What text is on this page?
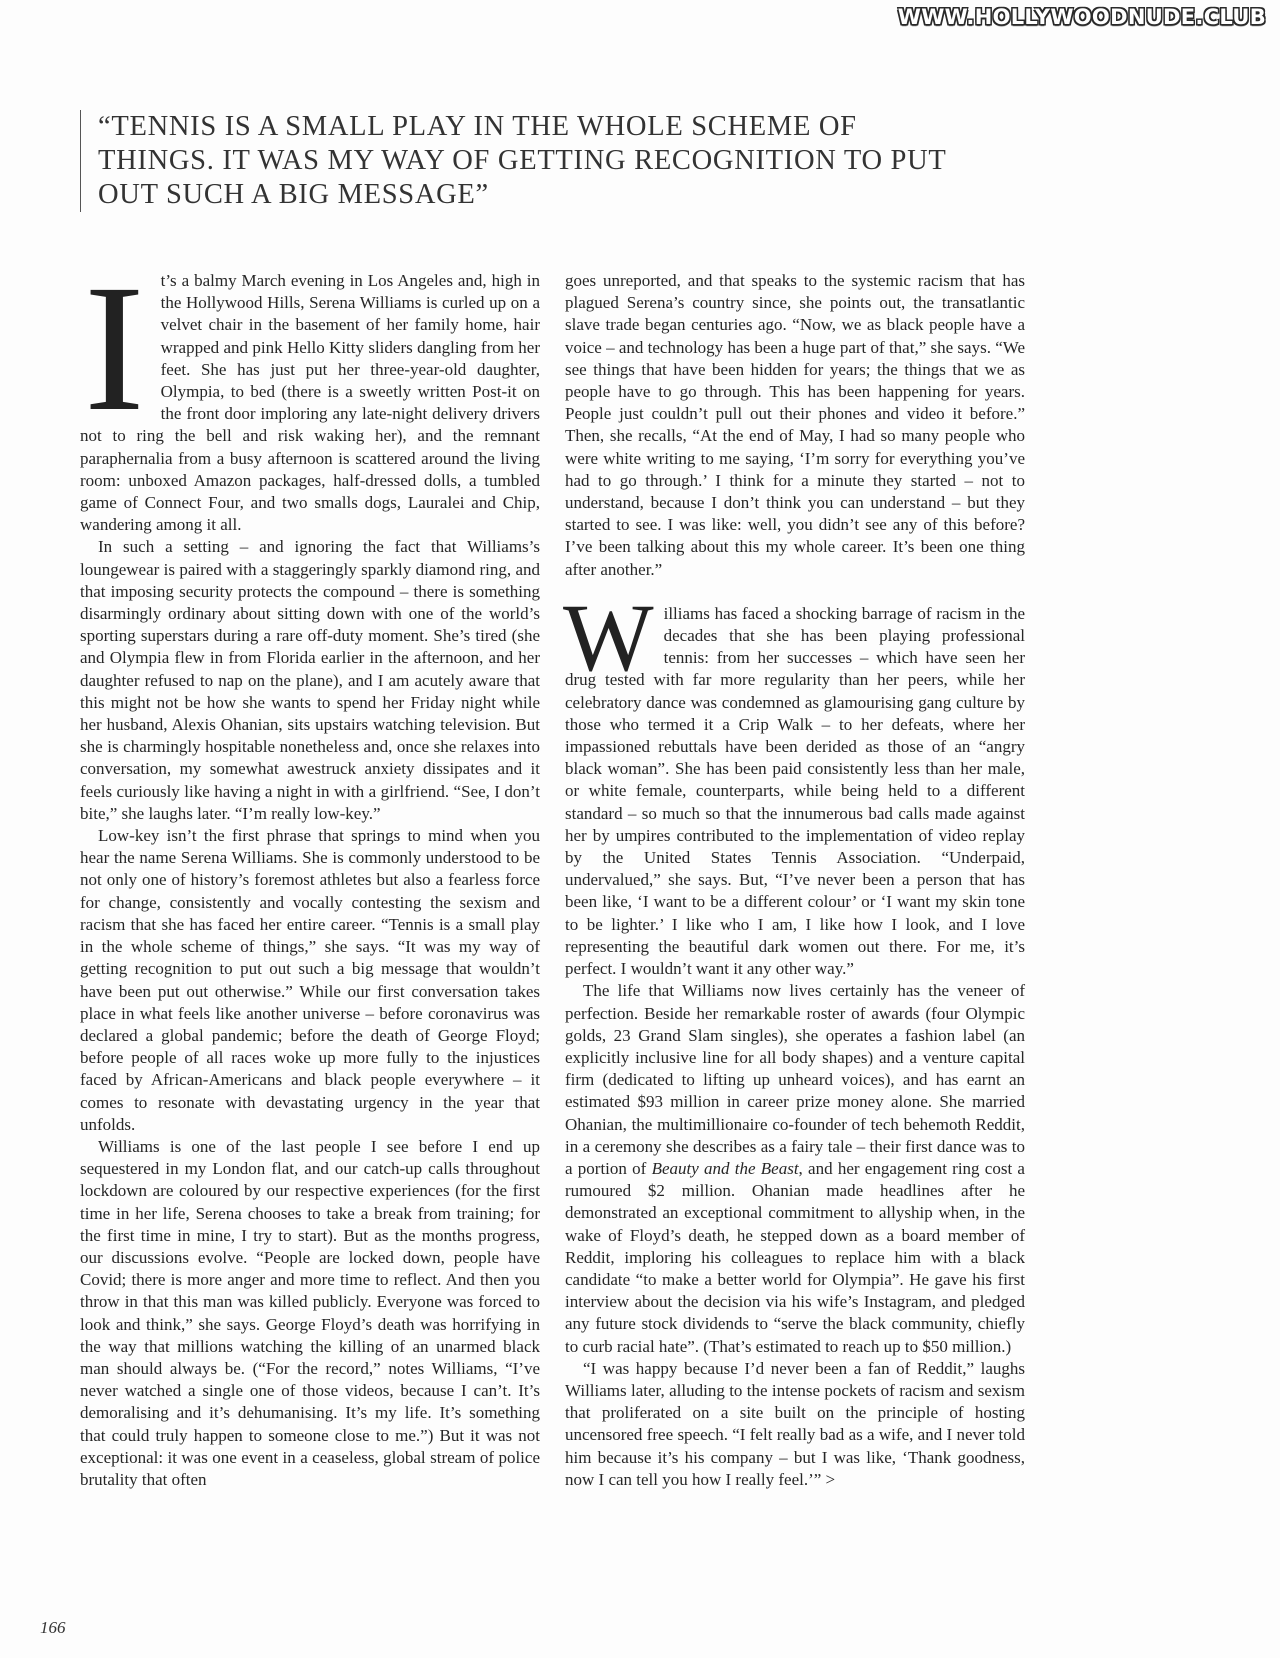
WWW.HOLLYWOODNUDE.CLUB
“TENNIS IS A SMALL PLAY IN THE WHOLE SCHEME OF THINGS. IT WAS MY WAY OF GETTING RECOGNITION TO PUT OUT SUCH A BIG MESSAGE”

It’s a balmy March evening in Los Angeles and, high in the Hollywood Hills, Serena Williams is curled up on a velvet chair in the basement of her family home, hair wrapped and pink Hello Kitty sliders dangling from her feet. She has just put her three-year-old daughter, Olympia, to bed (there is a sweetly written Post-it on the front door imploring any late-night delivery drivers not to ring the bell and risk waking her), and the remnant paraphernalia from a busy afternoon is scattered around the living room: unboxed Amazon packages, half-dressed dolls, a tumbled game of Connect Four, and two smalls dogs, Lauralei and Chip, wandering among it all.

In such a setting – and ignoring the fact that Williams’s loungewear is paired with a staggeringly sparkly diamond ring, and that imposing security protects the compound – there is something disarmingly ordinary about sitting down with one of the world’s sporting superstars during a rare off-duty moment. She’s tired (she and Olympia flew in from Florida earlier in the afternoon, and her daughter refused to nap on the plane), and I am acutely aware that this might not be how she wants to spend her Friday night while her husband, Alexis Ohanian, sits upstairs watching television. But she is charmingly hospitable nonetheless and, once she relaxes into conversation, my somewhat awestruck anxiety dissipates and it feels curiously like having a night in with a girlfriend. “See, I don’t bite,” she laughs later. “I’m really low-key.”

Low-key isn’t the first phrase that springs to mind when you hear the name Serena Williams. She is commonly understood to be not only one of history’s foremost athletes but also a fearless force for change, consistently and vocally contesting the sexism and racism that she has faced her entire career. “Tennis is a small play in the whole scheme of things,” she says. “It was my way of getting recognition to put out such a big message that wouldn’t have been put out otherwise.” While our first conversation takes place in what feels like another universe – before coronavirus was declared a global pandemic; before the death of George Floyd; before people of all races woke up more fully to the injustices faced by African-Americans and black people everywhere – it comes to resonate with devastating urgency in the year that unfolds.

Williams is one of the last people I see before I end up sequestered in my London flat, and our catch-up calls throughout lockdown are coloured by our respective experiences (for the first time in her life, Serena chooses to take a break from training; for the first time in mine, I try to start). But as the months progress, our discussions evolve. “People are locked down, people have Covid; there is more anger and more time to reflect. And then you throw in that this man was killed publicly. Everyone was forced to look and think,” she says. George Floyd’s death was horrifying in the way that millions watching the killing of an unarmed black man should always be. (“For the record,” notes Williams, “I’ve never watched a single one of those videos, because I can’t. It’s demoralising and it’s dehumanising. It’s my life. It’s something that could truly happen to someone close to me.”) But it was not exceptional: it was one event in a ceaseless, global stream of police brutality that often

goes unreported, and that speaks to the systemic racism that has plagued Serena’s country since, she points out, the transatlantic slave trade began centuries ago. “Now, we as black people have a voice – and technology has been a huge part of that,” she says. “We see things that have been hidden for years; the things that we as people have to go through. This has been happening for years. People just couldn’t pull out their phones and video it before.” Then, she recalls, “At the end of May, I had so many people who were white writing to me saying, ‘I’m sorry for everything you’ve had to go through.’ I think for a minute they started – not to understand, because I don’t think you can understand – but they started to see. I was like: well, you didn’t see any of this before? I’ve been talking about this my whole career. It’s been one thing after another.”

Williams has faced a shocking barrage of racism in the decades that she has been playing professional tennis: from her successes – which have seen her drug tested with far more regularity than her peers, while her celebratory dance was condemned as glamourising gang culture by those who termed it a Crip Walk – to her defeats, where her impassioned rebuttals have been derided as those of an “angry black woman”. She has been paid consistently less than her male, or white female, counterparts, while being held to a different standard – so much so that the innumerous bad calls made against her by umpires contributed to the implementation of video replay by the United States Tennis Association. “Underpaid, undervalued,” she says. But, “I’ve never been a person that has been like, ‘I want to be a different colour’ or ‘I want my skin tone to be lighter.’ I like who I am, I like how I look, and I love representing the beautiful dark women out there. For me, it’s perfect. I wouldn’t want it any other way.”

The life that Williams now lives certainly has the veneer of perfection. Beside her remarkable roster of awards (four Olympic golds, 23 Grand Slam singles), she operates a fashion label (an explicitly inclusive line for all body shapes) and a venture capital firm (dedicated to lifting up unheard voices), and has earnt an estimated $93 million in career prize money alone. She married Ohanian, the multimillionaire co-founder of tech behemoth Reddit, in a ceremony she describes as a fairy tale – their first dance was to a portion of Beauty and the Beast, and her engagement ring cost a rumoured $2 million. Ohanian made headlines after he demonstrated an exceptional commitment to allyship when, in the wake of Floyd’s death, he stepped down as a board member of Reddit, imploring his colleagues to replace him with a black candidate “to make a better world for Olympia”. He gave his first interview about the decision via his wife’s Instagram, and pledged any future stock dividends to “serve the black community, chiefly to curb racial hate”. (That’s estimated to reach up to $50 million.)

“I was happy because I’d never been a fan of Reddit,” laughs Williams later, alluding to the intense pockets of racism and sexism that proliferated on a site built on the principle of hosting uncensored free speech. “I felt really bad as a wife, and I never told him because it’s his company – but I was like, ‘Thank goodness, now I can tell you how I really feel.’” >

166
